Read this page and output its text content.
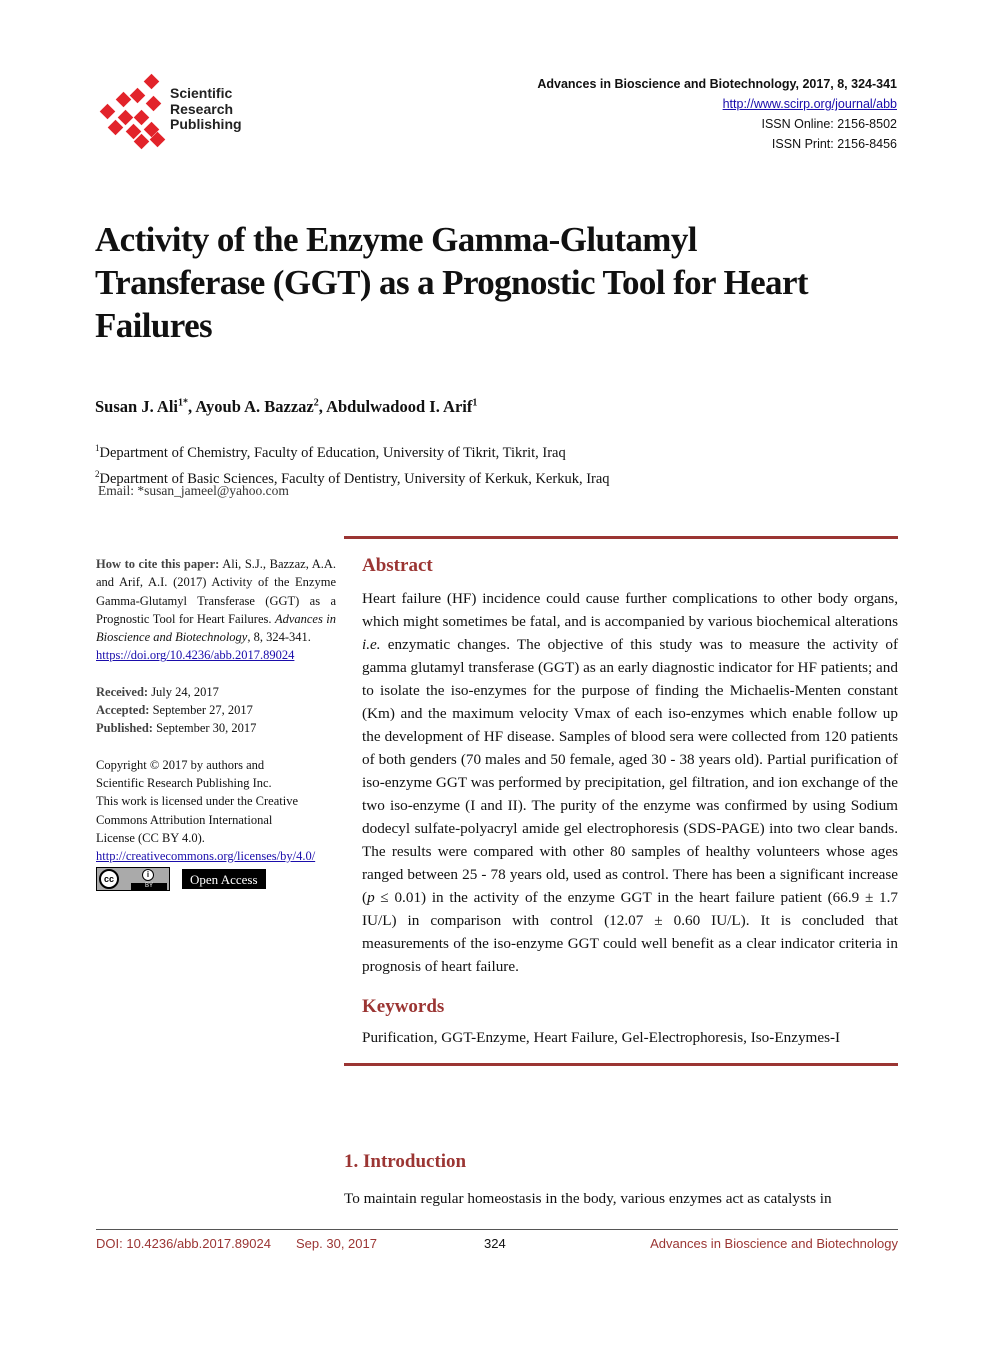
Scientific
Research
Publishing
Advances in Bioscience and Biotechnology, 2017, 8, 324-341
http://www.scirp.org/journal/abb
ISSN Online: 2156-8502
ISSN Print: 2156-8456
Activity of the Enzyme Gamma-Glutamyl Transferase (GGT) as a Prognostic Tool for Heart Failures
Susan J. Ali$^{1*}$, Ayoub A. Bazzaz$^2$, Abdulwadood I. Arif$^1$
$^1$Department of Chemistry, Faculty of Education, University of Tikrit, Tikrit, Iraq
$^2$Department of Basic Sciences, Faculty of Dentistry, University of Kerkuk, Kerkuk, Iraq
Email: *susan_jameel@yahoo.com
How to cite this paper: Ali, S.J., Bazzaz, A.A. and Arif, A.I. (2017) Activity of the Enzyme Gamma-Glutamyl Transferase (GGT) as a Prognostic Tool for Heart Failures. Advances in Bioscience and Biotechnology, 8, 324-341.
https://doi.org/10.4236/abb.2017.89024
Received: July 24, 2017
Accepted: September 27, 2017
Published: September 30, 2017
Copyright © 2017 by authors and
Scientific Research Publishing Inc.
This work is licensed under the Creative
Commons Attribution International
License (CC BY 4.0).
http://creativecommons.org/licenses/by/4.0/
cc	i
BY	Open Access
Abstract
Heart failure (HF) incidence could cause further complications to other body organs, which might sometimes be fatal, and is accompanied by various biochemical alterations i.e. enzymatic changes. The objective of this study was to measure the activity of gamma glutamyl transferase (GGT) as an early diagnostic indicator for HF patients; and to isolate the iso-enzymes for the purpose of finding the Michaelis-Menten constant (Km) and the maximum velocity Vmax of each iso-enzymes which enable follow up the development of HF disease. Samples of blood sera were collected from 120 patients of both genders (70 males and 50 female, aged 30 - 38 years old). Partial purification of iso-enzyme GGT was performed by precipitation, gel filtration, and ion exchange of the two iso-enzyme (I and II). The purity of the enzyme was confirmed by using Sodium dodecyl sulfate-polyacryl amide gel electrophoresis (SDS-PAGE) into two clear bands. The results were compared with other 80 samples of healthy volunteers whose ages ranged between 25 - 78 years old, used as control. There has been a significant increase (p ≤ 0.01) in the activity of the enzyme GGT in the heart failure patient (66.9 ± 1.7 IU/L) in comparison with control (12.07 ± 0.60 IU/L). It is concluded that measurements of the iso-enzyme GGT could well benefit as a clear indicator criteria in prognosis of heart failure.
Keywords
Purification, GGT-Enzyme, Heart Failure, Gel-Electrophoresis, Iso-Enzymes-I
1. Introduction
To maintain regular homeostasis in the body, various enzymes act as catalysts in
DOI: 10.4236/abb.2017.89024 Sep. 30, 2017	324	Advances in Bioscience and Biotechnology
